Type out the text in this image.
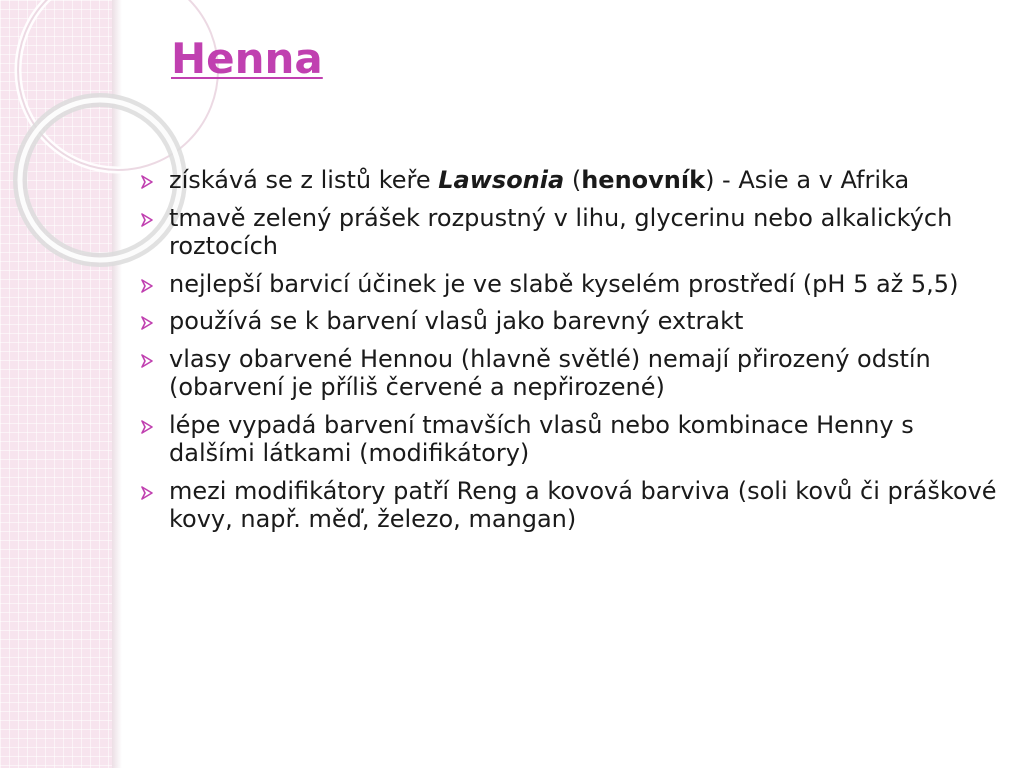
Henna
získává se z listů keře Lawsonia (henovník) - Asie a v Afrika
tmavě zelený prášek rozpustný v lihu, glycerinu nebo alkalických roztocích
nejlepší barvicí účinek je ve slabě kyselém prostředí (pH 5 až 5,5)
používá se k barvení vlasů jako barevný extrakt
vlasy obarvené Hennou (hlavně světlé) nemají přirozený odstín (obarvení je příliš červené a nepřirozené)
lépe vypadá barvení tmavších vlasů nebo kombinace Henny s dalšími látkami (modifikátory)
mezi modifikátory patří Reng a kovová barviva (soli kovů či práškové kovy, např. měď, železo, mangan)
